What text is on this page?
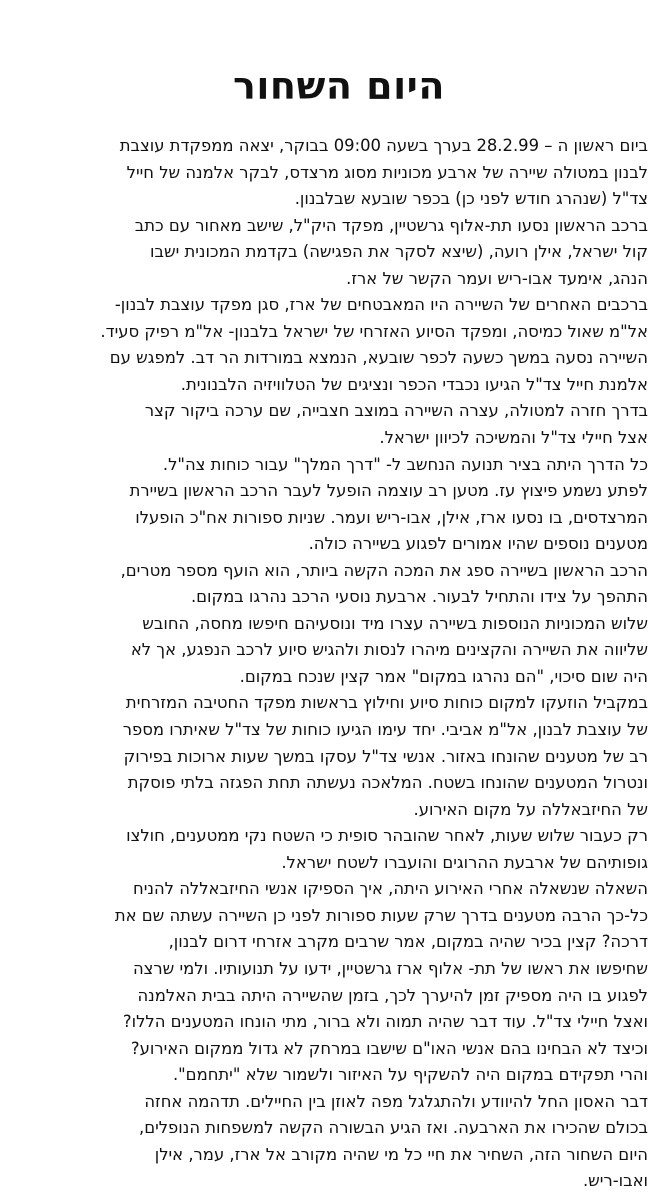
היום השחור
ביום ראשון ה – 28.2.99 בערך בשעה 09:00 בבוקר, יצאה ממפקדת עוצבת
לבנון במטולה שיירה של ארבע מכוניות מסוג מרצדס, לבקר אלמנה של חייל
צד"ל (שנהרג חודש לפני כן) בכפר שובעא שבלבנון.
ברכב הראשון נסעו תת-אלוף גרשטיין, מפקד היק"ל, שישב מאחור עם כתב
קול ישראל, אילן רועה, (שיצא לסקר את הפגישה) בקדמת המכונית ישבו
הנהג, אימעד אבו-ריש ועמר הקשר של ארז.
ברכבים האחרים של השיירה היו המאבטחים של ארז, סגן מפקד עוצבת לבנון-
אל"מ שאול כמיסה, ומפקד הסיוע האזרחי של ישראל בלבנון- אל"מ רפיק סעיד.
השיירה נסעה במשך כשעה לכפר שובעא, הנמצא במורדות הר דב. למפגש עם
אלמנת חייל צד"ל הגיעו נכבדי הכפר ונציגים של הטלוויזיה הלבנונית.
בדרך חזרה למטולה, עצרה השיירה במוצב חצבייה, שם ערכה ביקור קצר
אצל חיילי צד"ל והמשיכה לכיוון ישראל.
כל הדרך היתה בציר תנועה הנחשב ל- "דרך המלך" עבור כוחות צה"ל.
לפתע נשמע פיצוץ עז. מטען רב עוצמה הופעל לעבר הרכב הראשון בשיירת
המרצדסים, בו נסעו ארז, אילן, אבו-ריש ועמר. שניות ספורות אח"כ הופעלו
מטענים נוספים שהיו אמורים לפגוע בשיירה כולה.
הרכב הראשון בשיירה ספג את המכה הקשה ביותר, הוא הועף מספר מטרים,
התהפך על צידו והתחיל לבעור. ארבעת נוסעי הרכב נהרגו במקום.
שלוש המכוניות הנוספות בשיירה עצרו מיד ונוסעיהם חיפשו מחסה, החובש
שליווה את השיירה והקצינים מיהרו לנסות ולהגיש סיוע לרכב הנפגע, אך לא
היה שום סיכוי, "הם נהרגו במקום" אמר קצין שנכח במקום.
במקביל הוזעקו למקום כוחות סיוע וחילוץ בראשות מפקד החטיבה המזרחית
של עוצבת לבנון, אל"מ אביבי. יחד עימו הגיעו כוחות של צד"ל שאיתרו מספר
רב של מטענים שהונחו באזור. אנשי צד"ל עסקו במשך שעות ארוכות בפירוק
ונטרול המטענים שהונחו בשטח. המלאכה נעשתה תחת הפגזה בלתי פוסקת
של החיזבאללה על מקום האירוע.
רק כעבור שלוש שעות, לאחר שהובהר סופית כי השטח נקי ממטענים, חולצו
גופותיהם של ארבעת ההרוגים והועברו לשטח ישראל.
השאלה שנשאלה אחרי האירוע היתה, איך הספיקו אנשי החיזבאללה להניח
כל-כך הרבה מטענים בדרך שרק שעות ספורות לפני כן השיירה עשתה שם את
דרכה? קצין בכיר שהיה במקום, אמר שרבים מקרב אזרחי דרום לבנון,
שחיפשו את ראשו של תת- אלוף ארז גרשטיין, ידעו על תנועותיו. ולמי שרצה
לפגוע בו היה מספיק זמן להיערך לכך, בזמן שהשיירה היתה בבית האלמנה
ואצל חיילי צד"ל. עוד דבר שהיה תמוה ולא ברור, מתי הונחו המטענים הללו?
וכיצד לא הבחינו בהם אנשי האו"ם שישבו במרחק לא גדול ממקום האירוע?
והרי תפקידם במקום היה להשקיף על האיזור ולשמור שלא "יתחמם".
דבר האסון החל להיוודע ולהתגלגל מפה לאוזן בין החיילים. תדהמה אחזה
בכולם שהכירו את הארבעה. ואז הגיע הבשורה הקשה למשפחות הנופלים,
היום השחור הזה, השחיר את חיי כל מי שהיה מקורב אל ארז, עמר, אילן
ואבו-ריש.
